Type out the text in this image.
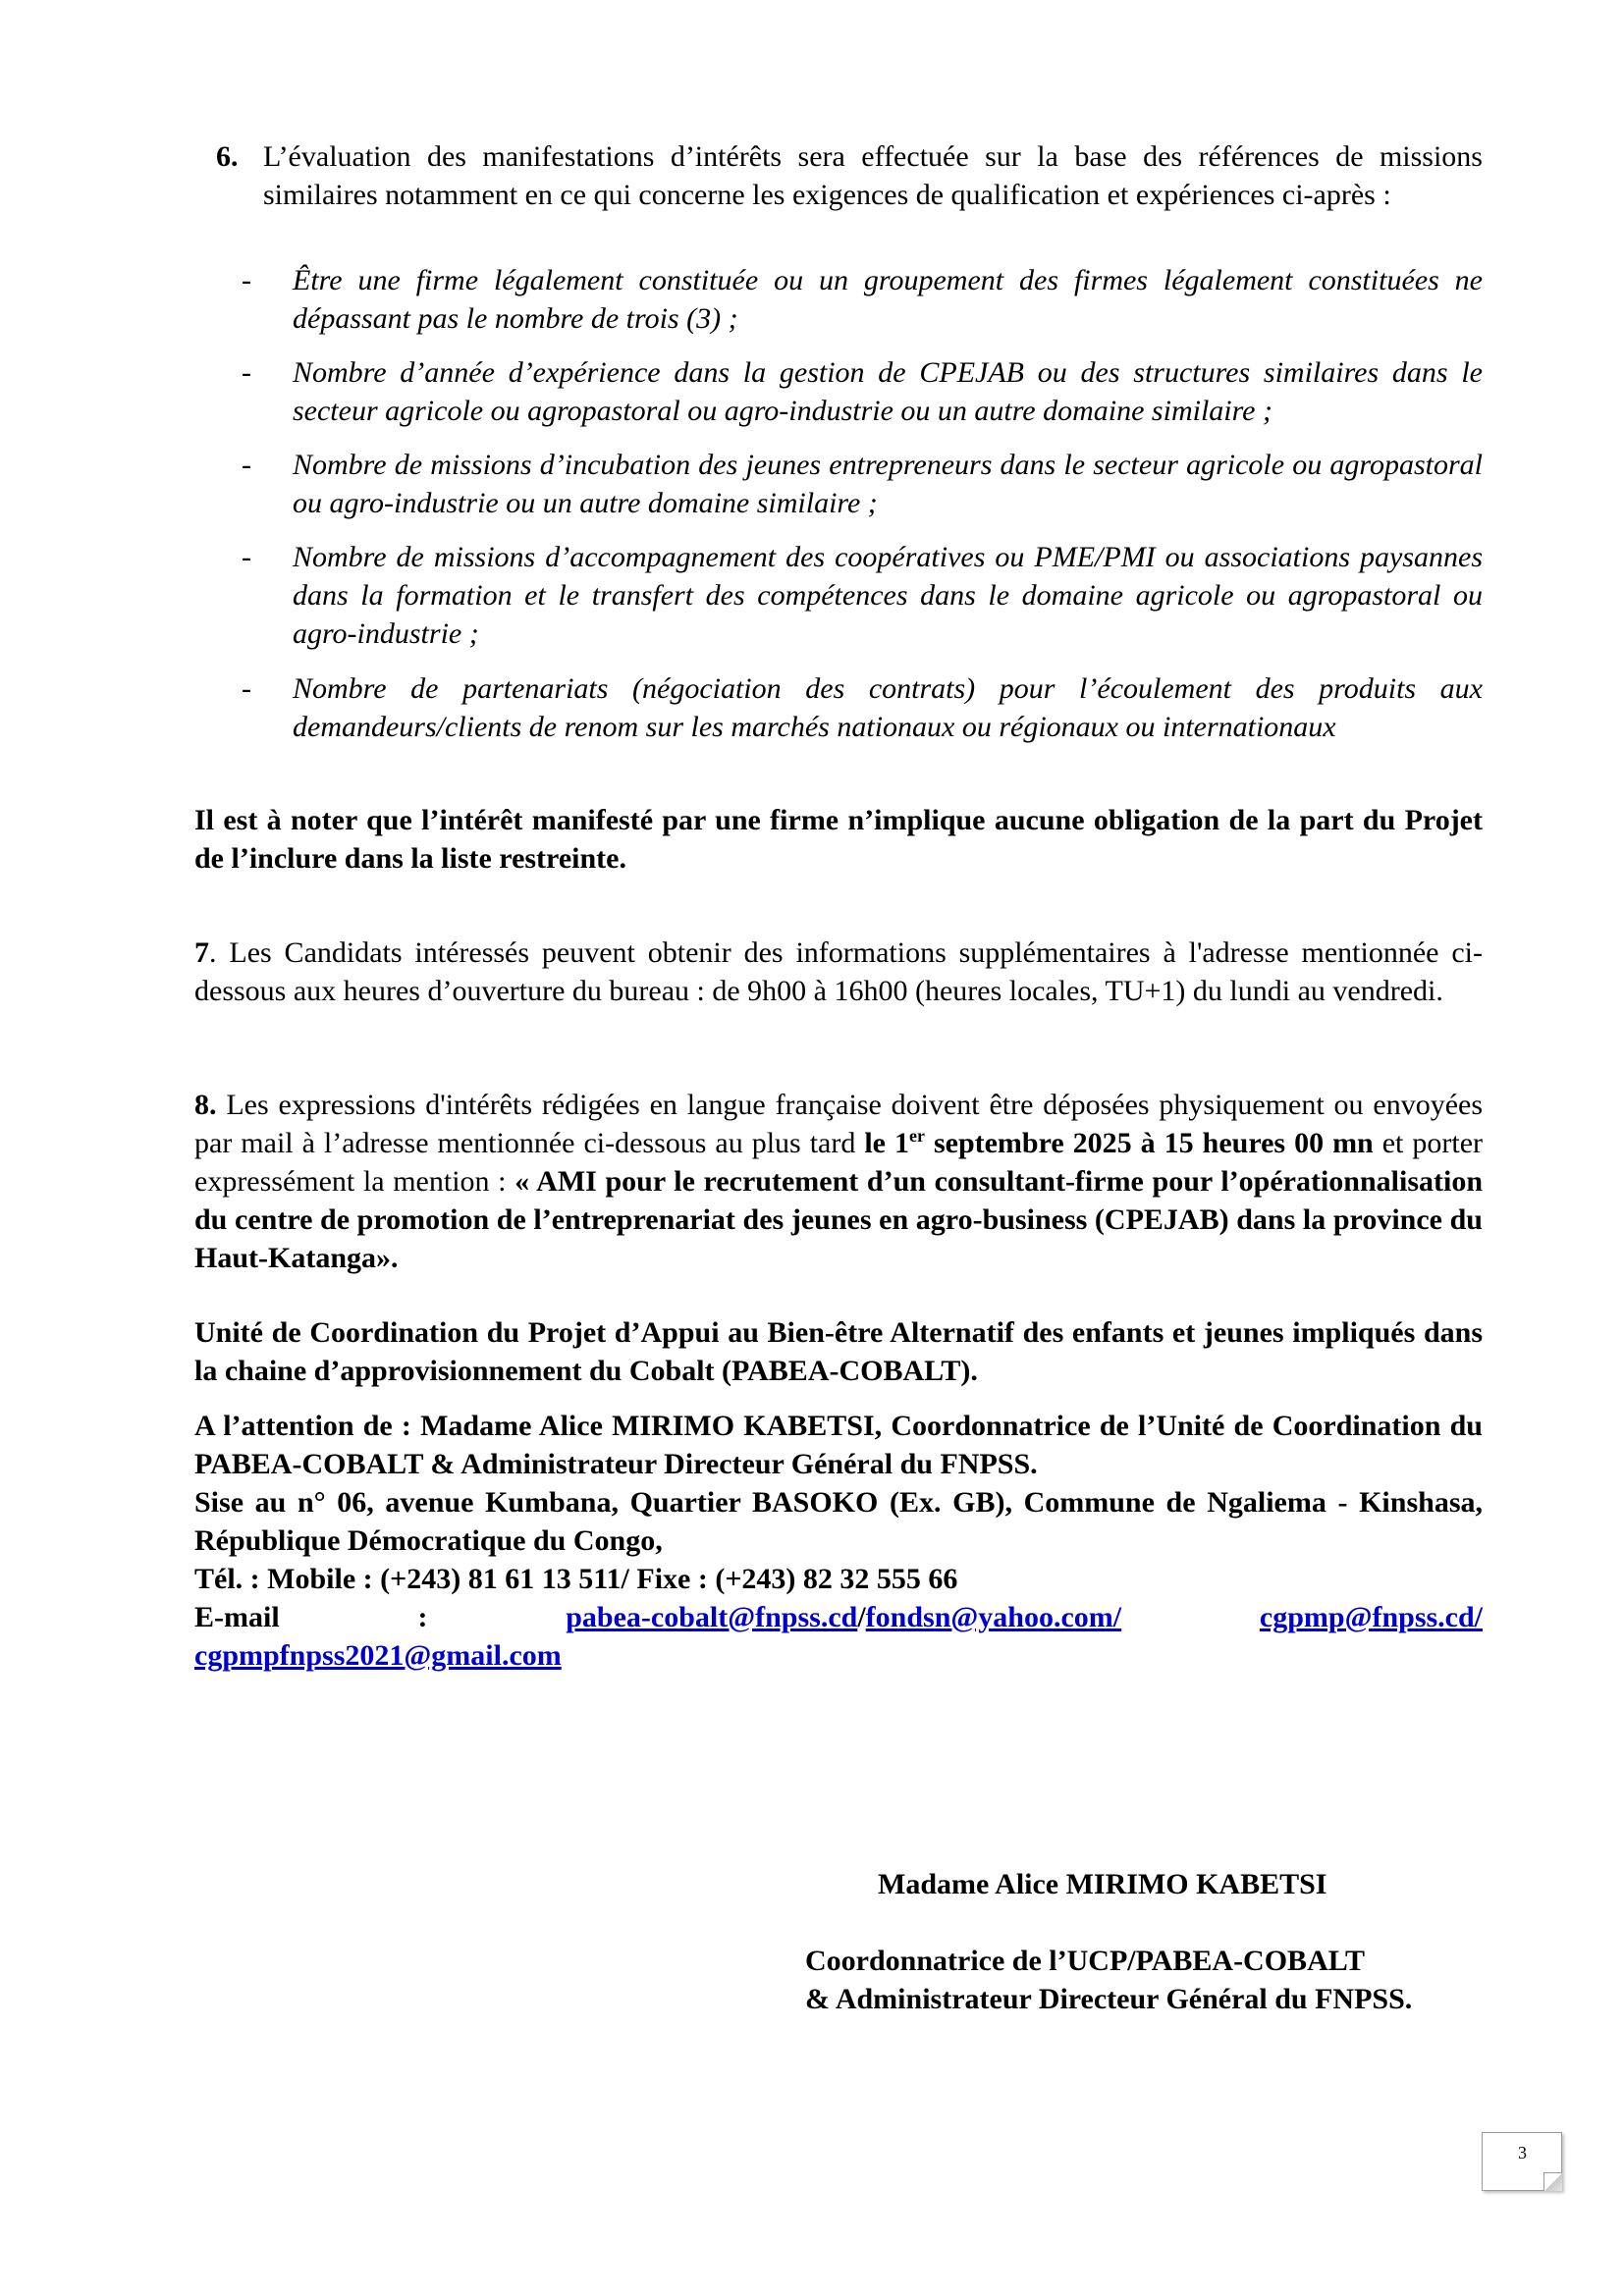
6. L’évaluation des manifestations d’intérêts sera effectuée sur la base des références de missions similaires notamment en ce qui concerne les exigences de qualification et expériences ci-après :
- Être une firme légalement constituée ou un groupement des firmes légalement constituées ne dépassant pas le nombre de trois (3) ;
- Nombre d’année d’expérience dans la gestion de CPEJAB ou des structures similaires dans le secteur agricole ou agropastoral ou agro-industrie ou un autre domaine similaire ;
- Nombre de missions d’incubation des jeunes entrepreneurs dans le secteur agricole ou agropastoral ou agro-industrie ou un autre domaine similaire ;
- Nombre de missions d’accompagnement des coopératives ou PME/PMI ou associations paysannes dans la formation et le transfert des compétences dans le domaine agricole ou agropastoral ou agro-industrie ;
- Nombre de partenariats (négociation des contrats) pour l’écoulement des produits aux demandeurs/clients de renom sur les marchés nationaux ou régionaux ou internationaux
Il est à noter que l’intérêt manifesté par une firme n’implique aucune obligation de la part du Projet de l’inclure dans la liste restreinte.
7. Les Candidats intéressés peuvent obtenir des informations supplémentaires à l'adresse mentionnée ci-dessous aux heures d’ouverture du bureau : de 9h00 à 16h00 (heures locales, TU+1) du lundi au vendredi.
8. Les expressions d'intérêts rédigées en langue française doivent être déposées physiquement ou envoyées par mail à l’adresse mentionnée ci-dessous au plus tard le 1er septembre 2025 à 15 heures 00 mn et porter expressément la mention : « AMI pour le recrutement d’un consultant-firme pour l’opérationnalisation du centre de promotion de l’entreprenariat des jeunes en agro-business (CPEJAB) dans la province du Haut-Katanga».
Unité de Coordination du Projet d’Appui au Bien-être Alternatif des enfants et jeunes impliqués dans la chaine d’approvisionnement du Cobalt (PABEA-COBALT).
A l’attention de : Madame Alice MIRIMO KABETSI, Coordonnatrice de l’Unité de Coordination du PABEA-COBALT & Administrateur Directeur Général du FNPSS.
Sise au n° 06, avenue Kumbana, Quartier BASOKO (Ex. GB), Commune de Ngaliema - Kinshasa, République Démocratique du Congo,
Tél. : Mobile : (+243) 81 61 13 511/ Fixe : (+243) 82 32 555 66
E-mail	:	pabea-cobalt@fnpss.cd/fondsn@yahoo.com/	cgpmp@fnpss.cd/
cgpmpfnpss2021@gmail.com
Madame Alice MIRIMO KABETSI
Coordonnatrice de l’UCP/PABEA-COBALT
& Administrateur Directeur Général du FNPSS.
3
